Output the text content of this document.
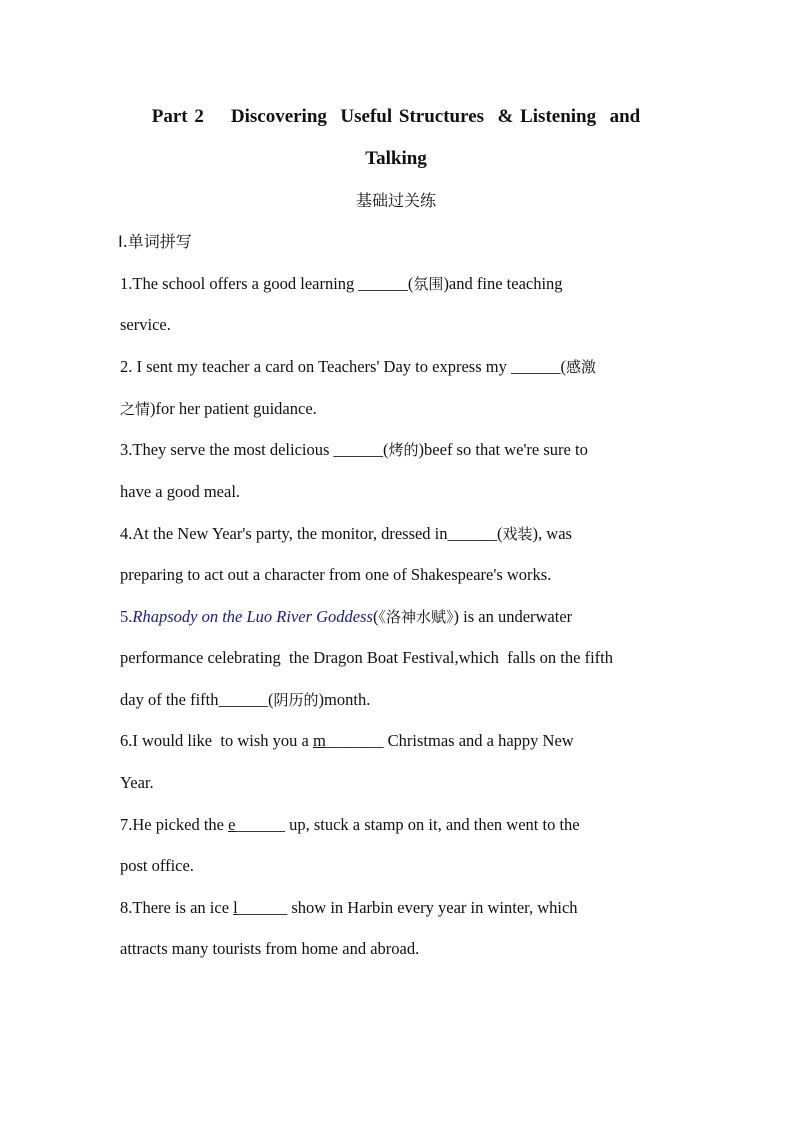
Part 2    Discovering  Useful Structures  & Listening  and
Talking
基础过关练
Ⅰ.单词拼写
1.The school offers a good learning ______(氛围)and fine teaching
service.
2. I sent my teacher a card on Teachers' Day to express my ______(感激
之情)for her patient guidance.
3.They serve the most delicious ______(烤的)beef so that we're sure to
have a good meal.
4.At the New Year's party, the monitor, dressed in______(戏装), was
preparing to act out a character from one of Shakespeare's works.
5.Rhapsody on the Luo River Goddess(《洛神水赋》) is an underwater
performance celebrating  the Dragon Boat Festival,which  falls on the fifth
day of the fifth______(阴历的)month.
6.I would like  to wish you a m_______ Christmas and a happy New
Year.
7.He picked the e______ up, stuck a stamp on it, and then went to the
post office.
8.There is an ice l______ show in Harbin every year in winter, which
attracts many tourists from home and abroad.
